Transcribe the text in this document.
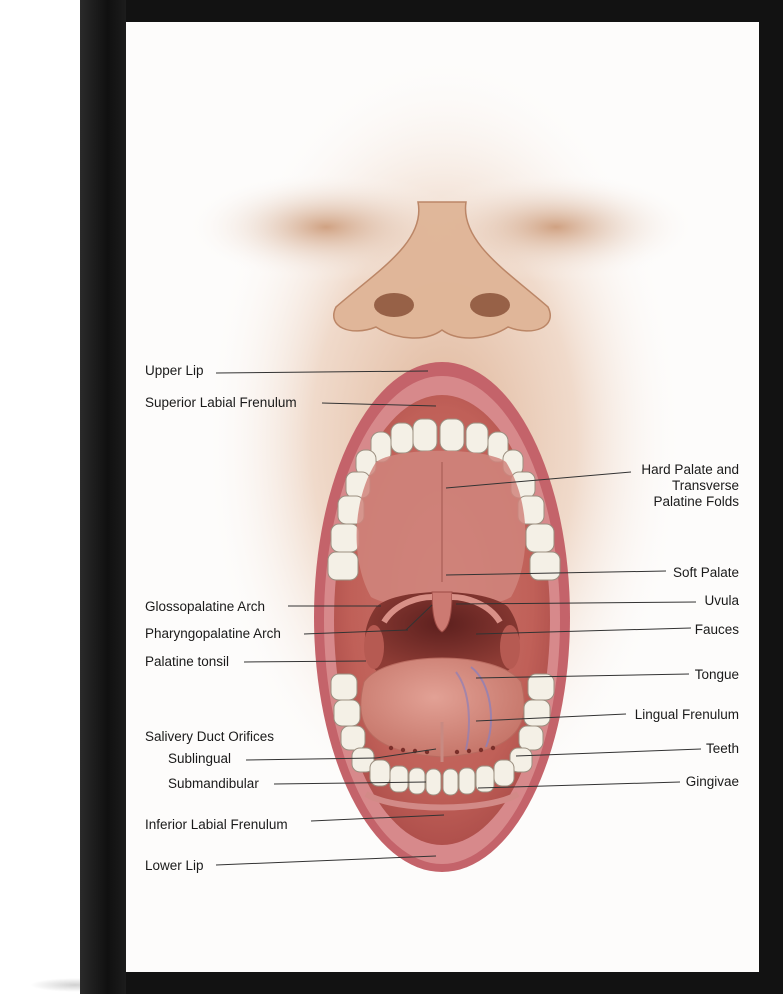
Upper Lip
Superior Labial Frenulum
Glossopalatine Arch
Pharyngopalatine Arch
Palatine tonsil
Salivery Duct Orifices
Sublingual
Submandibular
Inferior Labial Frenulum
Lower Lip
Hard Palate and
Transverse
Palatine Folds
Soft Palate
Uvula
Fauces
Tongue
Lingual Frenulum
Teeth
Gingivae
